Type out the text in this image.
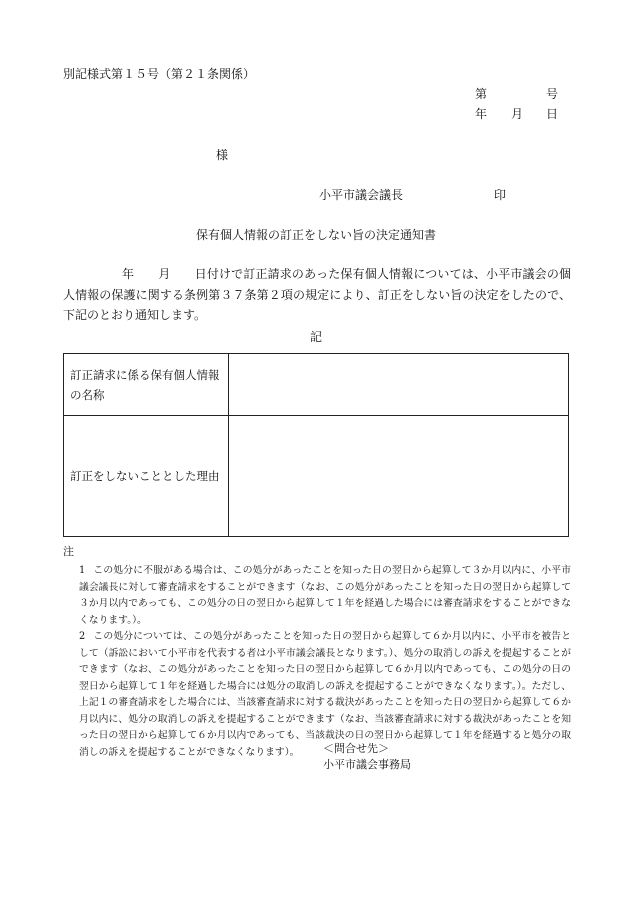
別記様式第１５号（第２１条関係）
第	号
年 月 日
様
小平市議会議長	印
保有個人情報の訂正をしない旨の決定通知書
年 月 日付けで訂正請求のあった保有個人情報については、小平市議会の個人情報の保護に関する条例第３７条第２項の規定により、訂正をしない旨の決定をしたので、下記のとおり通知します。
記
訂正請求に係る保有個人情報の名称	
訂正をしないこととした理由	
注
1 この処分に不服がある場合は、この処分があったことを知った日の翌日から起算して３か月以内に、小平市議会議長に対して審査請求をすることができます（なお、この処分があったことを知った日の翌日から起算して３か月以内であっても、この処分の日の翌日から起算して１年を経過した場合には審査請求をすることができなくなります。）。
2 この処分については、この処分があったことを知った日の翌日から起算して６か月以内に、小平市を被告として（訴訟において小平市を代表する者は小平市議会議長となります。）、処分の取消しの訴えを提起することができます（なお、この処分があったことを知った日の翌日から起算して６か月以内であっても、この処分の日の翌日から起算して１年を経過した場合には処分の取消しの訴えを提起することができなくなります。）。ただし、上記１の審査請求をした場合には、当該審査請求に対する裁決があったことを知った日の翌日から起算して６か月以内に、処分の取消しの訴えを提起することができます（なお、当該審査請求に対する裁決があったことを知った日の翌日から起算して６か月以内であっても、当該裁決の日の翌日から起算して１年を経過すると処分の取消しの訴えを提起することができなくなります）。	＜問合せ先＞
小平市議会事務局
